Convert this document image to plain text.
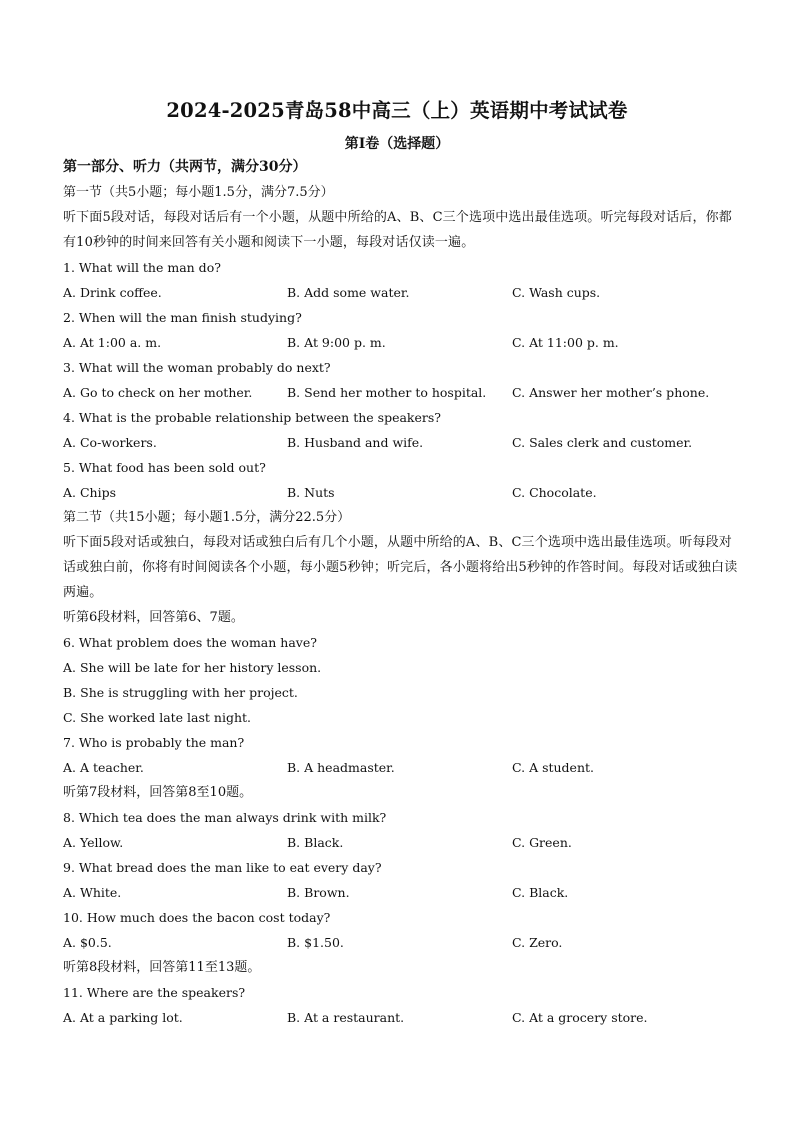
2024-2025青岛58中高三（上）英语期中考试试卷
第I卷（选择题）
第一部分、听力（共两节，满分30分）
第一节（共5小题；每小题1.5分，满分7.5分）
听下面5段对话，每段对话后有一个小题，从题中所给的A、B、C三个选项中选出最佳选项。听完每段对话后，你都有10秒钟的时间来回答有关小题和阅读下一小题，每段对话仅读一遍。
1. What will the man do?
A. Drink coffee.	B. Add some water.	C. Wash cups.
2. When will the man finish studying?
A. At 1:00 a. m.	B. At 9:00 p. m.	C. At 11:00 p. m.
3. What will the woman probably do next?
A. Go to check on her mother.	B. Send her mother to hospital. C. Answer her mother’s phone.
4. What is the probable relationship between the speakers?
A. Co-workers.	B. Husband and wife.	C. Sales clerk and customer.
5. What food has been sold out?
A. Chips	B. Nuts	C. Chocolate.
第二节（共15小题；每小题1.5分，满分22.5分）
听下面5段对话或独白，每段对话或独白后有几个小题，从题中所给的A、B、C三个选项中选出最佳选项。听每段对话或独白前，你将有时间阅读各个小题，每小题5秒钟；听完后，各小题将给出5秒钟的作答时间。每段对话或独白读两遍。
听第6段材料，回答第6、7题。
6. What problem does the woman have?
A. She will be late for her history lesson.
B. She is struggling with her project.
C. She worked late last night.
7. Who is probably the man?
A. A teacher.	B. A headmaster.	C. A student.
听第7段材料，回答第8至10题。
8. Which tea does the man always drink with milk?
A. Yellow.	B. Black.	C. Green.
9. What bread does the man like to eat every day?
A. White.	B. Brown.	C. Black.
10. How much does the bacon cost today?
A. $0.5.	B. $1.50.	C. Zero.
听第8段材料，回答第11至13题。
11. Where are the speakers?
A. At a parking lot.	B. At a restaurant.	C. At a grocery store.
